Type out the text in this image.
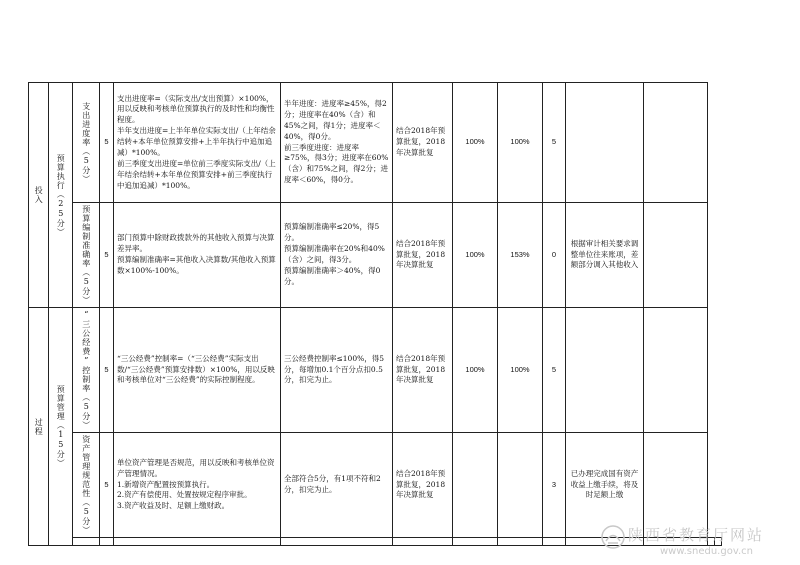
投入	预算执行（25分）	支出进度率（5分）	5	支出进度率=（实际支出/支出预算）×100%，用以反映和考核单位预算执行的及时性和均衡性程度。
半年支出进度=上半年单位实际支出/（上年结余结转+本年单位预算安排+上半年执行中追加追减）*100%。
前三季度支出进度=单位前三季度实际支出/（上年结余结转+本年单位预算安排+前三季度执行中追加追减）*100%。	半年进度：进度率≥45%，得2分；进度率在40%（含）和45%之间，得1分；进度率＜40%，得0分。
前三季度进度：进度率≥75%，得3分；进度率在60%（含）和75%之间，得2分；进度率＜60%，得0分。	结合2018年预算批复，2018年决算批复	100%	100%	5				

		预算编制准确率（5分）	5	部门预算中除财政拨款外的其他收入预算与决算差异率。
预算编制准确率=其他收入决算数/其他收入预算数×100%-100%。	预算编制准确率≤20%，得5分。
预算编制准确率在20%和40%（含）之间，得3分。
预算编制准确率＞40%，得0分。	结合2018年预算批复，2018年决算批复	100%	153%	0	根据审计相关要求调整单位往来账项，差额部分调入其他收入			

过程	预算管理（15分）	“三公经费”控制率（5分）	5	“三公经费”控制率=（“三公经费”实际支出数/“三公经费”预算安排数）×100%，用以反映和考核单位对“三公经费”的实际控制程度。	三公经费控制率≤100%，得5分，每增加0.1个百分点扣0.5分，扣完为止。	结合2018年预算批复，2018年决算批复	100%	100%	5				

		资产管理规范性（5分）	5	单位资产管理是否规范，用以反映和考核单位资产管理情况。
1.新增资产配置按预算执行。
2.资产有偿使用、处置按规定程序审批。
3.资产收益及时、足额上缴财政。	全部符合5分，有1项不符和2分，扣完为止。	结合2018年预算批复，2018年决算批复			3	已办理完成国有资产收益上缴手续，将及时足额上缴			

陕西省教育厅网站
www.snedu.gov.cn
